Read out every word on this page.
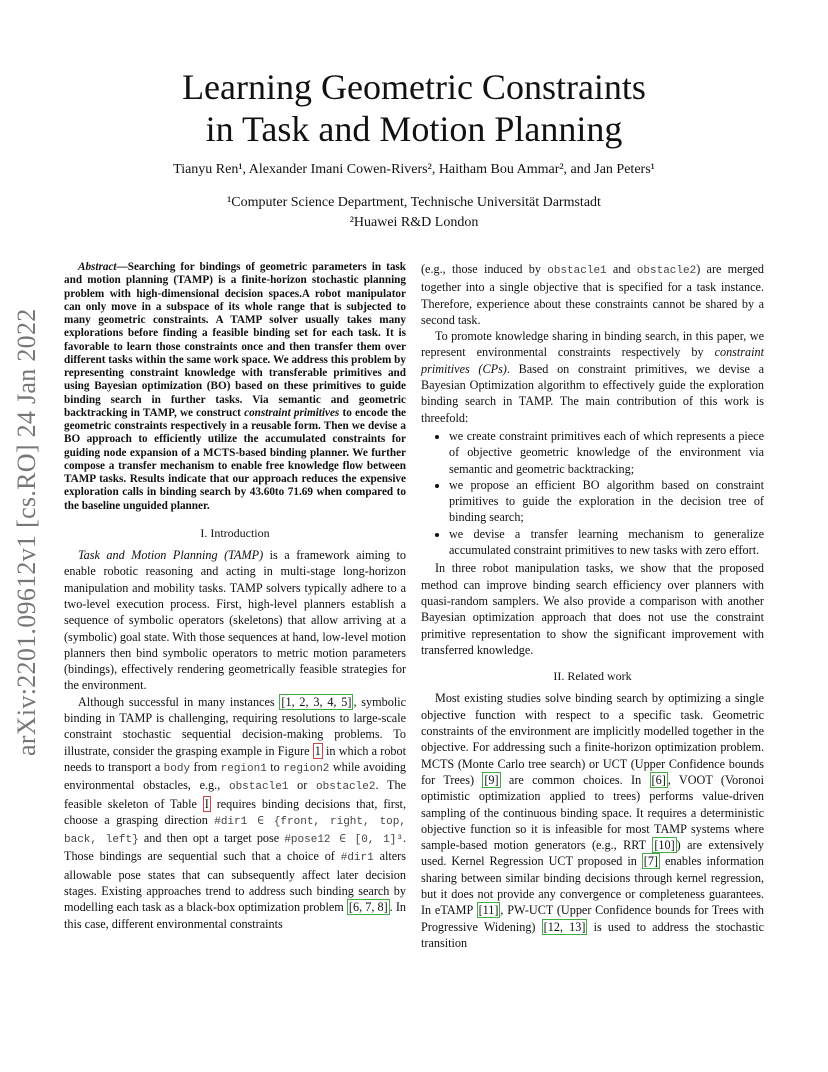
Learning Geometric Constraints
in Task and Motion Planning
Tianyu Ren¹, Alexander Imani Cowen-Rivers², Haitham Bou Ammar², and Jan Peters¹
¹Computer Science Department, Technische Universität Darmstadt
²Huawei R&D London
arXiv:2201.09612v1 [cs.RO] 24 Jan 2022
Abstract—Searching for bindings of geometric parameters in task and motion planning (TAMP) is a finite-horizon stochastic planning problem with high-dimensional decision spaces.A robot manipulator can only move in a subspace of its whole range that is subjected to many geometric constraints. A TAMP solver usually takes many explorations before finding a feasible binding set for each task. It is favorable to learn those constraints once and then transfer them over different tasks within the same work space. We address this problem by representing constraint knowledge with transferable primitives and using Bayesian optimization (BO) based on these primitives to guide binding search in further tasks. Via semantic and geometric backtracking in TAMP, we construct constraint primitives to encode the geometric constraints respectively in a reusable form. Then we devise a BO approach to efficiently utilize the accumulated constraints for guiding node expansion of a MCTS-based binding planner. We further compose a transfer mechanism to enable free knowledge flow between TAMP tasks. Results indicate that our approach reduces the expensive exploration calls in binding search by 43.60to 71.69 when compared to the baseline unguided planner.
I. Introduction

Task and Motion Planning (TAMP) is a framework aiming to enable robotic reasoning and acting in multi-stage long-horizon manipulation and mobility tasks. TAMP solvers typically adhere to a two-level execution process. First, high-level planners establish a sequence of symbolic operators (skeletons) that allow arriving at a (symbolic) goal state. With those sequences at hand, low-level motion planners then bind symbolic operators to metric motion parameters (bindings), effectively rendering geometrically feasible strategies for the environment.

Although successful in many instances [1, 2, 3, 4, 5] , symbolic binding in TAMP is challenging, requiring resolutions to large-scale constraint stochastic sequential decision-making problems. To illustrate, consider the grasping example in Figure 1 in which a robot needs to transport a body from region1 to region2 while avoiding environmental obstacles, e.g., obstacle1 or obstacle2. The feasible skeleton of Table I requires binding decisions that, first, choose a grasping direction #dir1 ∈ {front, right, top, back, left} and then opt a target pose #pose12 ∈ [0, 1]³. Those bindings are sequential such that a choice of #dir1 alters allowable pose states that can subsequently affect later decision stages. Existing approaches trend to address such binding search by modelling each task as a black-box optimization problem [6, 7, 8] . In this case, different environmental constraints

(e.g., those induced by obstacle1 and obstacle2) are merged together into a single objective that is specified for a task instance. Therefore, experience about these constraints cannot be shared by a second task.

To promote knowledge sharing in binding search, in this paper, we represent environmental constraints respectively by constraint primitives (CPs). Based on constraint primitives, we devise a Bayesian Optimization algorithm to effectively guide the exploration binding search in TAMP. The main contribution of this work is threefold:

• we create constraint primitives each of which represents a piece of objective geometric knowledge of the environment via semantic and geometric backtracking;
• we propose an efficient BO algorithm based on constraint primitives to guide the exploration in the decision tree of binding search;
• we devise a transfer learning mechanism to generalize accumulated constraint primitives to new tasks with zero effort.

In three robot manipulation tasks, we show that the proposed method can improve binding search efficiency over planners with quasi-random samplers. We also provide a comparison with another Bayesian optimization approach that does not use the constraint primitive representation to show the significant improvement with transferred knowledge.

II. Related work

Most existing studies solve binding search by optimizing a single objective function with respect to a specific task. Geometric constraints of the environment are implicitly modelled together in the objective. For addressing such a finite-horizon optimization problem. MCTS (Monte Carlo tree search) or UCT (Upper Confidence bounds for Trees) [9] are common choices. In [6] , VOOT (Voronoi optimistic optimization applied to trees) performs value-driven sampling of the continuous binding space. It requires a deterministic objective function so it is infeasible for most TAMP systems where sample-based motion generators (e.g., RRT [10] ) are extensively used. Kernel Regression UCT proposed in [7] enables information sharing between similar binding decisions through kernel regression, but it does not provide any convergence or completeness guarantees. In eTAMP [11] , PW-UCT (Upper Confidence bounds for Trees with Progressive Widening) [12, 13] is used to address the stochastic transition
